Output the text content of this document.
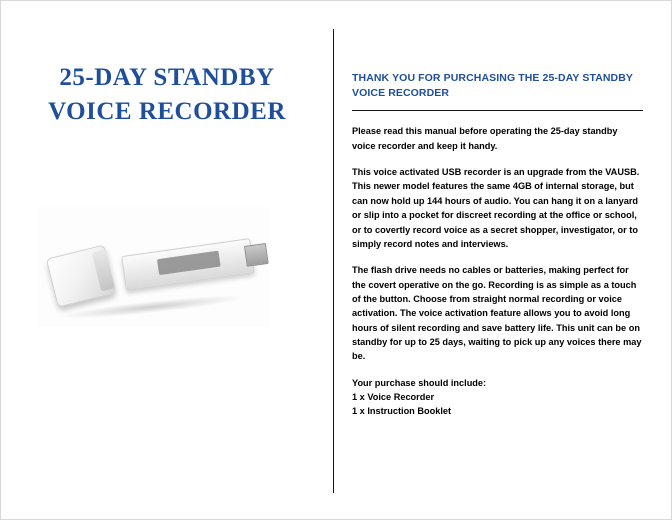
25-DAY STANDBY
VOICE RECORDER
THANK YOU FOR PURCHASING THE 25-DAY STANDBY
VOICE RECORDER

Please read this manual before operating the 25-day standby voice recorder and keep it handy.

This voice activated USB recorder is an upgrade from the VAUSB. This newer model features the same 4GB of internal storage, but can now hold up 144 hours of audio. You can hang it on a lanyard or slip into a pocket for discreet recording at the office or school, or to covertly record voice as a secret shopper, investigator, or to simply record notes and interviews.

The flash drive needs no cables or batteries, making perfect for the covert operative on the go. Recording is as simple as a touch of the button. Choose from straight normal recording or voice activation. The voice activation feature allows you to avoid long hours of silent recording and save battery life. This unit can be on standby for up to 25 days, waiting to pick up any voices there may be.

Your purchase should include:
1 x Voice Recorder
1 x Instruction Booklet
